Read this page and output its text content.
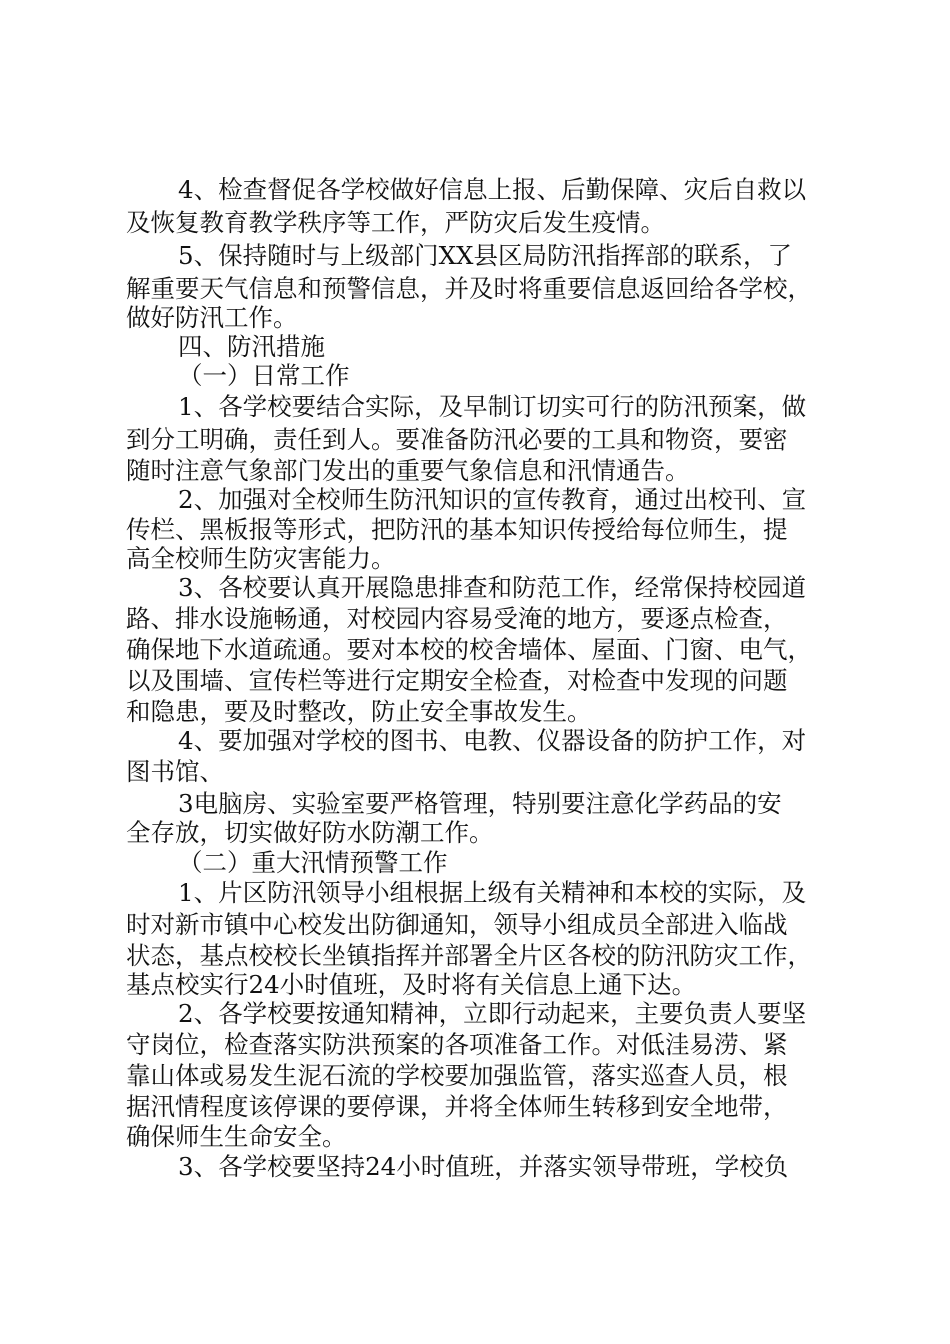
4、检查督促各学校做好信息上报、后勤保障、灾后自救以
及恢复教育教学秩序等工作，严防灾后发生疫情。
5、保持随时与上级部门XX县区局防汛指挥部的联系，了
解重要天气信息和预警信息，并及时将重要信息返回给各学校，
做好防汛工作。
四、防汛措施
（一）日常工作
1、各学校要结合实际，及早制订切实可行的防汛预案，做
到分工明确，责任到人。要准备防汛必要的工具和物资，要密
随时注意气象部门发出的重要气象信息和汛情通告。
2、加强对全校师生防汛知识的宣传教育，通过出校刊、宣
传栏、黑板报等形式，把防汛的基本知识传授给每位师生，提
高全校师生防灾害能力。
3、各校要认真开展隐患排查和防范工作，经常保持校园道
路、排水设施畅通，对校园内容易受淹的地方，要逐点检查，
确保地下水道疏通。要对本校的校舍墙体、屋面、门窗、电气，
以及围墙、宣传栏等进行定期安全检查，对检查中发现的问题
和隐患，要及时整改，防止安全事故发生。
4、要加强对学校的图书、电教、仪器设备的防护工作，对
图书馆、
3电脑房、实验室要严格管理，特别要注意化学药品的安
全存放，切实做好防水防潮工作。
（二）重大汛情预警工作
1、片区防汛领导小组根据上级有关精神和本校的实际，及
时对新市镇中心校发出防御通知，领导小组成员全部进入临战
状态，基点校校长坐镇指挥并部署全片区各校的防汛防灾工作，
基点校实行24小时值班，及时将有关信息上通下达。
2、各学校要按通知精神，立即行动起来，主要负责人要坚
守岗位，检查落实防洪预案的各项准备工作。对低洼易涝、紧
靠山体或易发生泥石流的学校要加强监管，落实巡查人员，根
据汛情程度该停课的要停课，并将全体师生转移到安全地带，
确保师生生命安全。
3、各学校要坚持24小时值班，并落实领导带班，学校负
